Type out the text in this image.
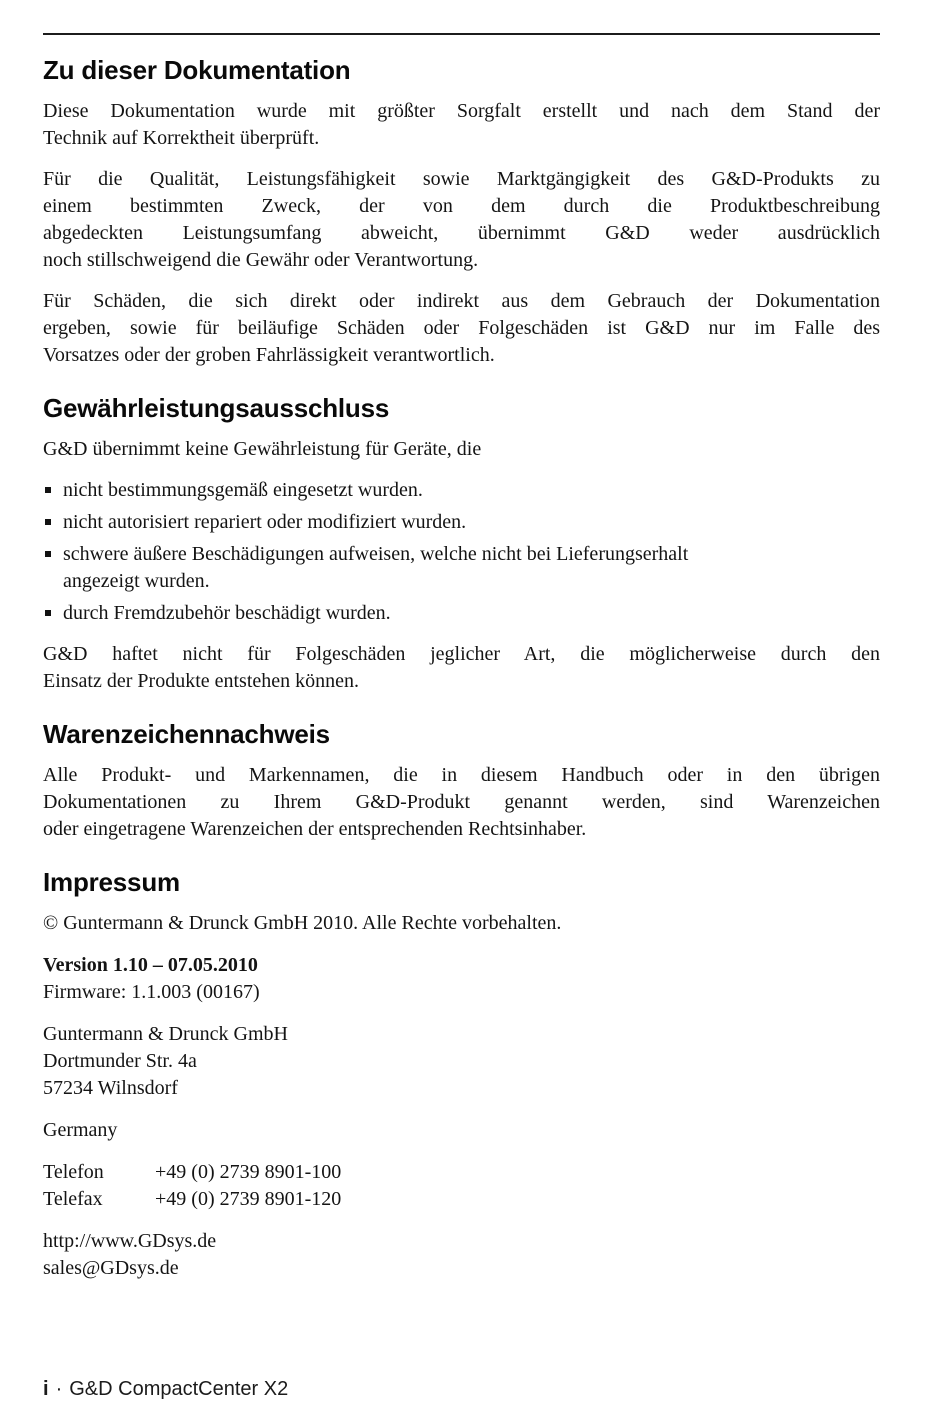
Zu dieser Dokumentation
Diese Dokumentation wurde mit größter Sorgfalt erstellt und nach dem Stand der
Technik auf Korrektheit überprüft.
Für die Qualität, Leistungsfähigkeit sowie Marktgängigkeit des G&D-Produkts zu
einem bestimmten Zweck, der von dem durch die Produktbeschreibung
abgedeckten Leistungsumfang abweicht, übernimmt G&D weder ausdrücklich
noch stillschweigend die Gewähr oder Verantwortung.
Für Schäden, die sich direkt oder indirekt aus dem Gebrauch der Dokumentation
ergeben, sowie für beiläufige Schäden oder Folgeschäden ist G&D nur im Falle des
Vorsatzes oder der groben Fahrlässigkeit verantwortlich.
Gewährleistungsausschluss
G&D übernimmt keine Gewährleistung für Geräte, die
nicht bestimmungsgemäß eingesetzt wurden.
nicht autorisiert repariert oder modifiziert wurden.
schwere äußere Beschädigungen aufweisen, welche nicht bei Lieferungserhalt
angezeigt wurden.
durch Fremdzubehör beschädigt wurden.
G&D haftet nicht für Folgeschäden jeglicher Art, die möglicherweise durch den
Einsatz der Produkte entstehen können.
Warenzeichennachweis
Alle Produkt- und Markennamen, die in diesem Handbuch oder in den übrigen
Dokumentationen zu Ihrem G&D-Produkt genannt werden, sind Warenzeichen
oder eingetragene Warenzeichen der entsprechenden Rechtsinhaber.
Impressum
© Guntermann & Drunck GmbH 2010. Alle Rechte vorbehalten.
Version 1.10 – 07.05.2010
Firmware: 1.1.003 (00167)
Guntermann & Drunck GmbH
Dortmunder Str. 4a
57234 Wilnsdorf
Germany
Telefon	+49 (0) 2739 8901-100
Telefax	+49 (0) 2739 8901-120
http://www.GDsys.de
sales@GDsys.de
i · G&D CompactCenter X2
